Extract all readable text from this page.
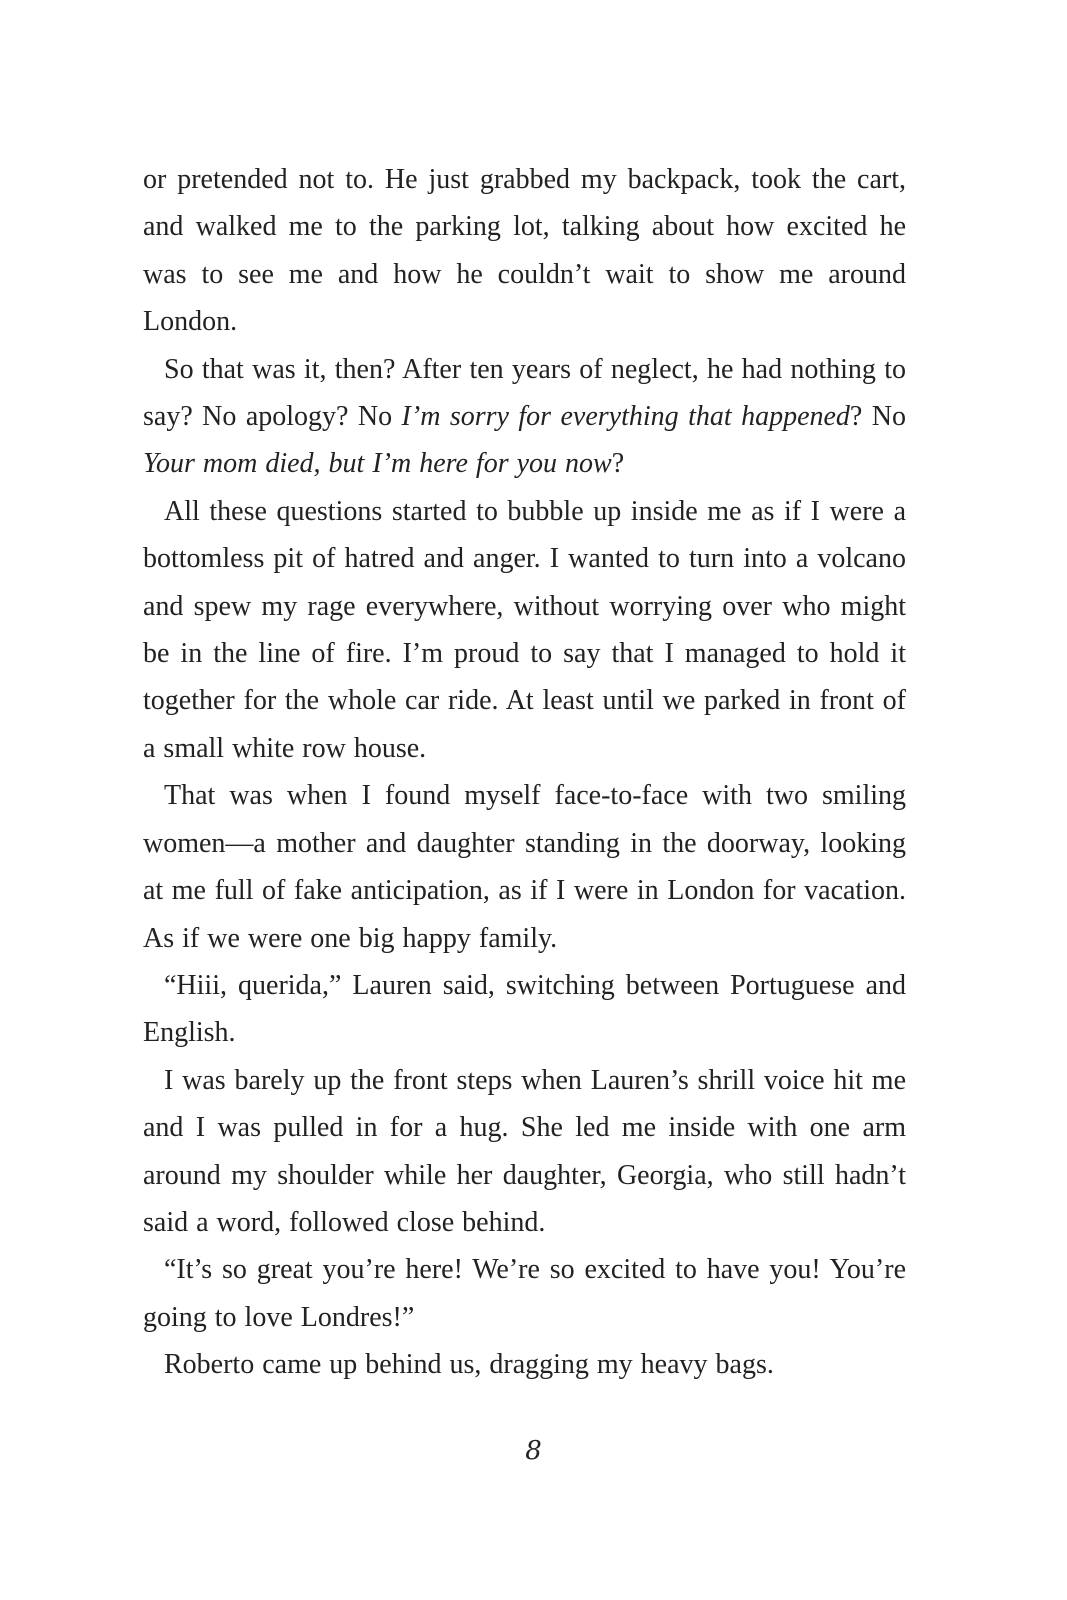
or pretended not to. He just grabbed my backpack, took the cart, and walked me to the parking lot, talking about how excited he was to see me and how he couldn’t wait to show me around London.

So that was it, then? After ten years of neglect, he had nothing to say? No apology? No I’m sorry for everything that happened? No Your mom died, but I’m here for you now?

All these questions started to bubble up inside me as if I were a bottomless pit of hatred and anger. I wanted to turn into a volcano and spew my rage everywhere, without worrying over who might be in the line of fire. I’m proud to say that I managed to hold it together for the whole car ride. At least until we parked in front of a small white row house.

That was when I found myself face-to-face with two smiling women—a mother and daughter standing in the doorway, looking at me full of fake anticipation, as if I were in London for vacation. As if we were one big happy family.

“Hiii, querida,” Lauren said, switching between Portuguese and English.

I was barely up the front steps when Lauren’s shrill voice hit me and I was pulled in for a hug. She led me inside with one arm around my shoulder while her daughter, Georgia, who still hadn’t said a word, followed close behind.

“It’s so great you’re here! We’re so excited to have you! You’re going to love Londres!”

Roberto came up behind us, dragging my heavy bags.

8
